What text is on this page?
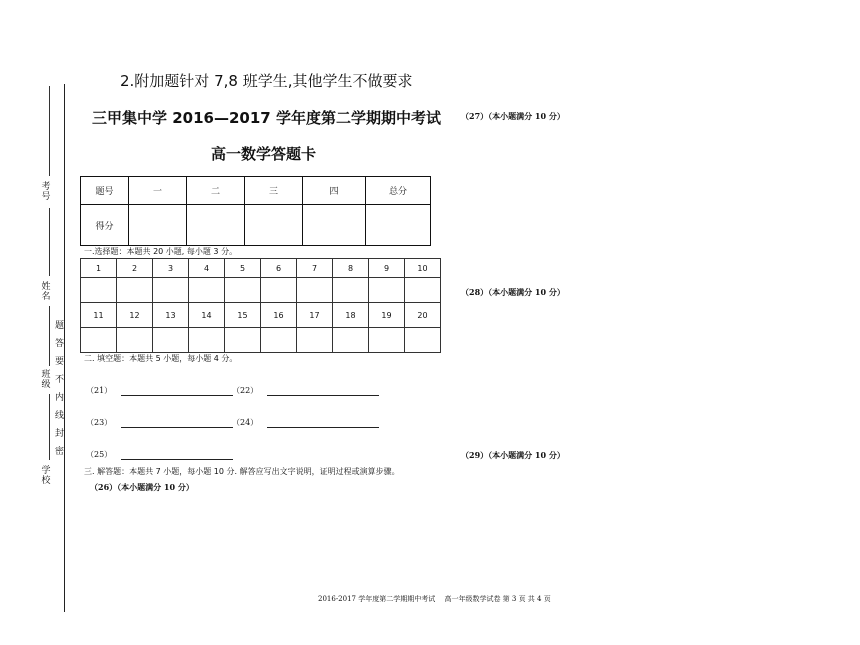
考号
姓名
班级
学校
题
答
要
不
内
线
封
密
2.附加题针对 7,8 班学生,其他学生不做要求
三甲集中学 2016—2017 学年度第二学期期中考试
高一数学答题卡
题号	一	二	三	四	总分
得分					
一.选择题：本题共 20 小题, 每小题 3 分。
1	2	3	4	5	6	7	8	9	10

11	12	13	14	15	16	17	18	19	20

二. 填空题：本题共 5 小题，每小题 4 分。
（21）	（22）
（23）	（24）
（25）
三. 解答题：本题共 7 小题，每小题 10 分. 解答应写出文字说明，证明过程或演算步骤。
（26）（本小题满分 10 分）
（27）（本小题满分 10 分）
（28）（本小题满分 10 分）
（29）（本小题满分 10 分）
2016-2017 学年度第二学期期中考试　 高一年级数学试卷 第 3 页 共 4 页
